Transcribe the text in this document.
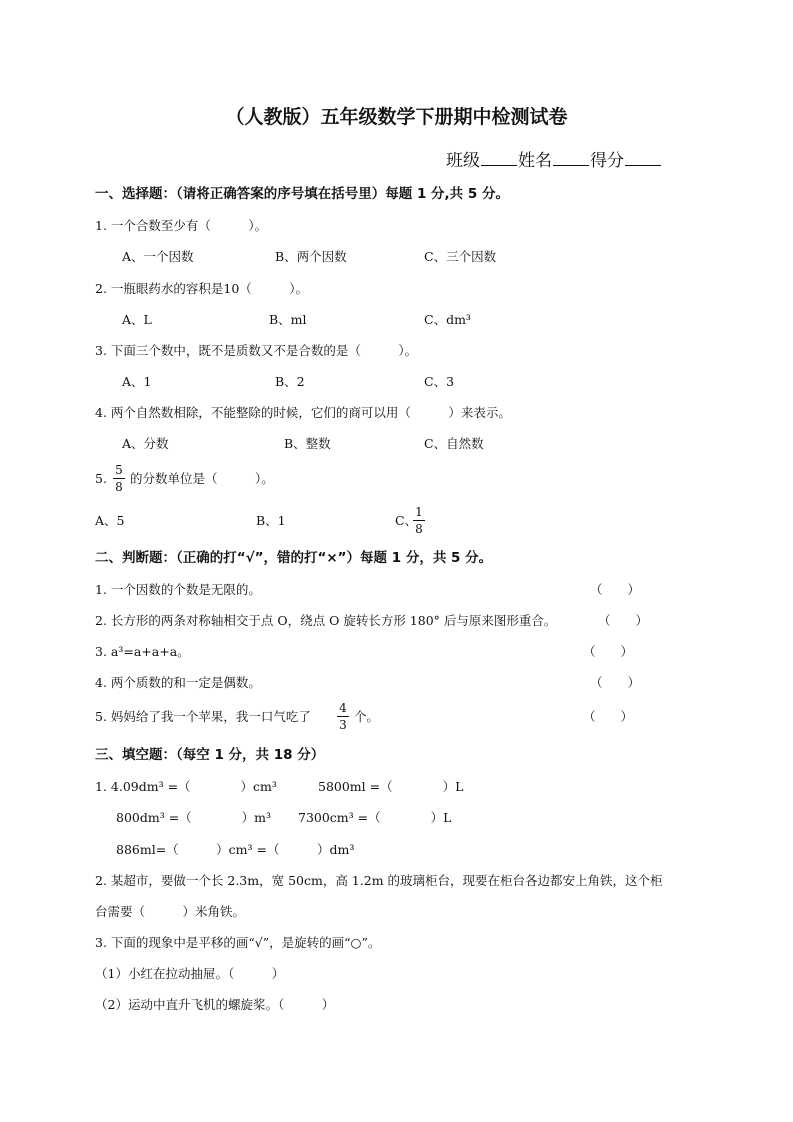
（人教版）五年级数学下册期中检测试卷
班级 姓名 得分
一、选择题：（请将正确答案的序号填在括号里）每题 1 分,共 5 分。
1. 一个合数至少有（　　　）。
A、一个因数	B、两个因数	C、三个因数
2. 一瓶眼药水的容积是10（　　　）。
A、L	B、ml	C、dm³
3. 下面三个数中，既不是质数又不是合数的是（　　　）。
A、1	B、2	C、3
4. 两个自然数相除，不能整除的时候，它们的商可以用（　　　）来表示。
A、分数	B、整数	C、自然数
5.
5
8
的分数单位是（　　　）。
A、5	B、1	C、
1
8
二、判断题：（正确的打“√”，错的打“×”）每题 1 分，共 5 分。
1. 一个因数的个数是无限的。	（　　）
2. 长方形的两条对称轴相交于点 O，绕点 O 旋转长方形 180° 后与原来图形重合。	（　　）
3. a³=a+a+a。	（　　）
4. 两个质数的和一定是偶数。	（　　）
5. 妈妈给了我一个苹果，我一口气吃了
4
3
个。	（　　）
三、填空题：（每空 1 分，共 18 分）
1. 4.09dm³ =（　　　　）cm³	5800ml =（　　　　）L
800dm³ =（　　　　）m³ 7300cm³ =（　　　　）L
886ml=（　　　）cm³ =（　　　）dm³
2. 某超市，要做一个长 2.3m，宽 50cm，高 1.2m 的玻璃柜台，现要在柜台各边都安上角铁，这个柜
台需要（　　　）米角铁。
3. 下面的现象中是平移的画“√”，是旋转的画“○”。
（1）小红在拉动抽屉。（　　　）
（2）运动中直升飞机的螺旋桨。（　　　）
